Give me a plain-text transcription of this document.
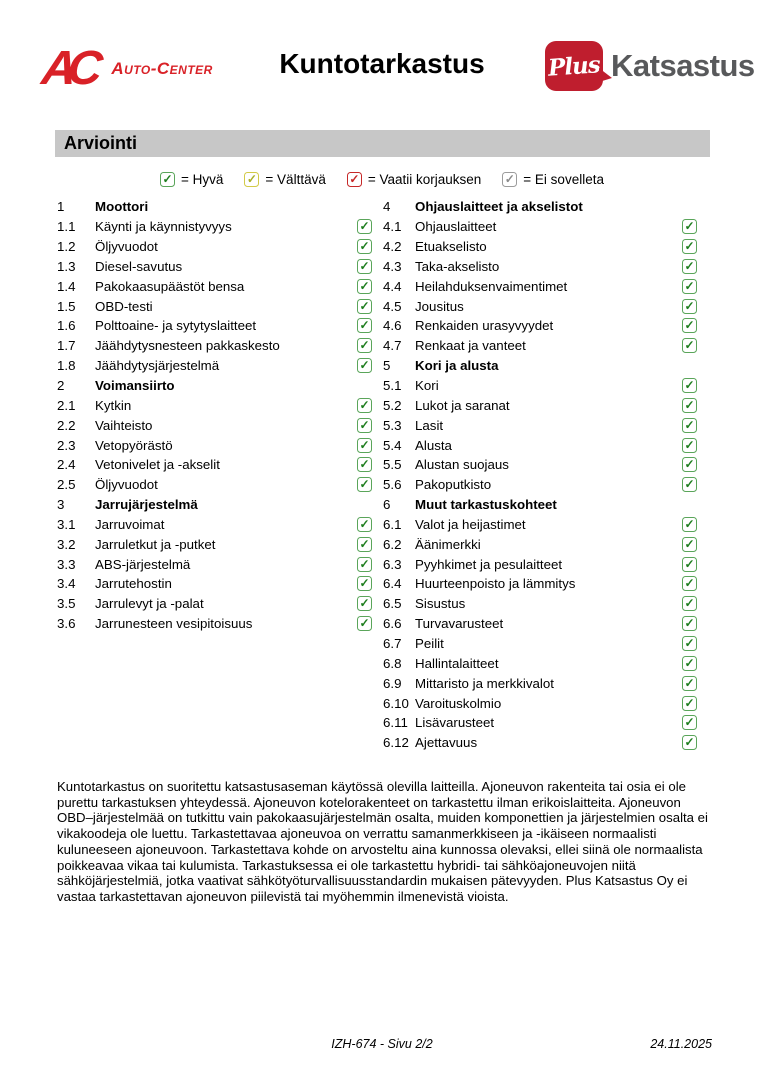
AC Auto-Center	Kuntotarkastus	Plus Katsastus
Arviointi
✓ = Hyvä ✓ = Välttävä ✓ = Vaatii korjauksen ✓ = Ei sovelleta
1	Moottori
1.1	Käynti ja käynnistyvyys	✓
1.2	Öljyvuodot	✓
1.3	Diesel-savutus	✓
1.4	Pakokaasupäästöt bensa	✓
1.5	OBD-testi	✓
1.6	Polttoaine- ja sytytyslaitteet	✓
1.7	Jäähdytysnesteen pakkaskesto	✓
1.8	Jäähdytysjärjestelmä	✓
2	Voimansiirto
2.1	Kytkin	✓
2.2	Vaihteisto	✓
2.3	Vetopyörästö	✓
2.4	Vetonivelet ja -akselit	✓
2.5	Öljyvuodot	✓
3	Jarrujärjestelmä
3.1	Jarruvoimat	✓
3.2	Jarruletkut ja -putket	✓
3.3	ABS-järjestelmä	✓
3.4	Jarrutehostin	✓
3.5	Jarrulevyt ja -palat	✓
3.6	Jarrunesteen vesipitoisuus	✓
4	Ohjauslaitteet ja akselistot
4.1	Ohjauslaitteet	✓
4.2	Etuakselisto	✓
4.3	Taka-akselisto	✓
4.4	Heilahduksenvaimentimet	✓
4.5	Jousitus	✓
4.6	Renkaiden urasyvyydet	✓
4.7	Renkaat ja vanteet	✓
5	Kori ja alusta
5.1	Kori	✓
5.2	Lukot ja saranat	✓
5.3	Lasit	✓
5.4	Alusta	✓
5.5	Alustan suojaus	✓
5.6	Pakoputkisto	✓
6	Muut tarkastuskohteet
6.1	Valot ja heijastimet	✓
6.2	Äänimerkki	✓
6.3	Pyyhkimet ja pesulaitteet	✓
6.4	Huurteenpoisto ja lämmitys	✓
6.5	Sisustus	✓
6.6	Turvavarusteet	✓
6.7	Peilit	✓
6.8	Hallintalaitteet	✓
6.9	Mittaristo ja merkkivalot	✓
6.10 Varoituskolmio	✓
6.11 Lisävarusteet	✓
6.12 Ajettavuus	✓
Kuntotarkastus on suoritettu katsastusaseman käytössä olevilla laitteilla. Ajoneuvon rakenteita tai osia ei ole purettu tarkastuksen yhteydessä. Ajoneuvon kotelorakenteet on tarkastettu ilman erikoislaitteita. Ajoneuvon OBD–järjestelmää on tutkittu vain pakokaasujärjestelmän osalta, muiden komponettien ja järjestelmien osalta ei vikakoodeja ole luettu. Tarkastettavaa ajoneuvoa on verrattu samanmerkkiseen ja -ikäiseen normaalisti kuluneeseen ajoneuvoon. Tarkastettava kohde on arvosteltu aina kunnossa olevaksi, ellei siinä ole normaalista poikkeavaa vikaa tai kulumista. Tarkastuksessa ei ole tarkastettu hybridi- tai sähköajoneuvojen niitä sähköjärjestelmiä, jotka vaativat sähkötyöturvallisuusstandardin mukaisen pätevyyden. Plus Katsastus Oy ei vastaa tarkastettavan ajoneuvon piilevistä tai myöhemmin ilmenevistä vioista.
IZH-674 - Sivu 2/2	24.11.2025
